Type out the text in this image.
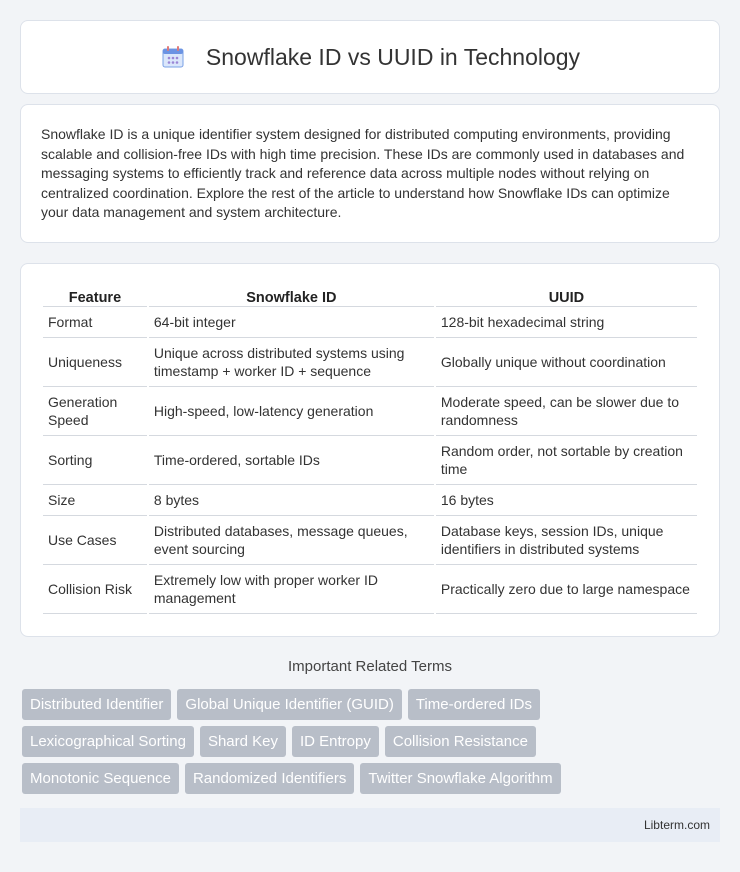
Snowflake ID vs UUID in Technology

Snowflake ID is a unique identifier system designed for distributed computing environments, providing scalable and collision-free IDs with high time precision. These IDs are commonly used in databases and messaging systems to efficiently track and reference data across multiple nodes without relying on centralized coordination. Explore the rest of the article to understand how Snowflake IDs can optimize your data management and system architecture.

Feature	Snowflake ID	UUID
Format	64-bit integer	128-bit hexadecimal string
Uniqueness	Unique across distributed systems using timestamp + worker ID + sequence	Globally unique without coordination
Generation Speed	High-speed, low-latency generation	Moderate speed, can be slower due to randomness
Sorting	Time-ordered, sortable IDs	Random order, not sortable by creation time
Size	8 bytes	16 bytes
Use Cases	Distributed databases, message queues, event sourcing	Database keys, session IDs, unique identifiers in distributed systems
Collision Risk	Extremely low with proper worker ID management	Practically zero due to large namespace
Important Related Terms
Distributed Identifier	Global Unique Identifier (GUID)	Time-ordered IDs
Lexicographical Sorting	Shard Key	ID Entropy	Collision Resistance
Monotonic Sequence	Randomized Identifiers	Twitter Snowflake Algorithm
Libterm.com
